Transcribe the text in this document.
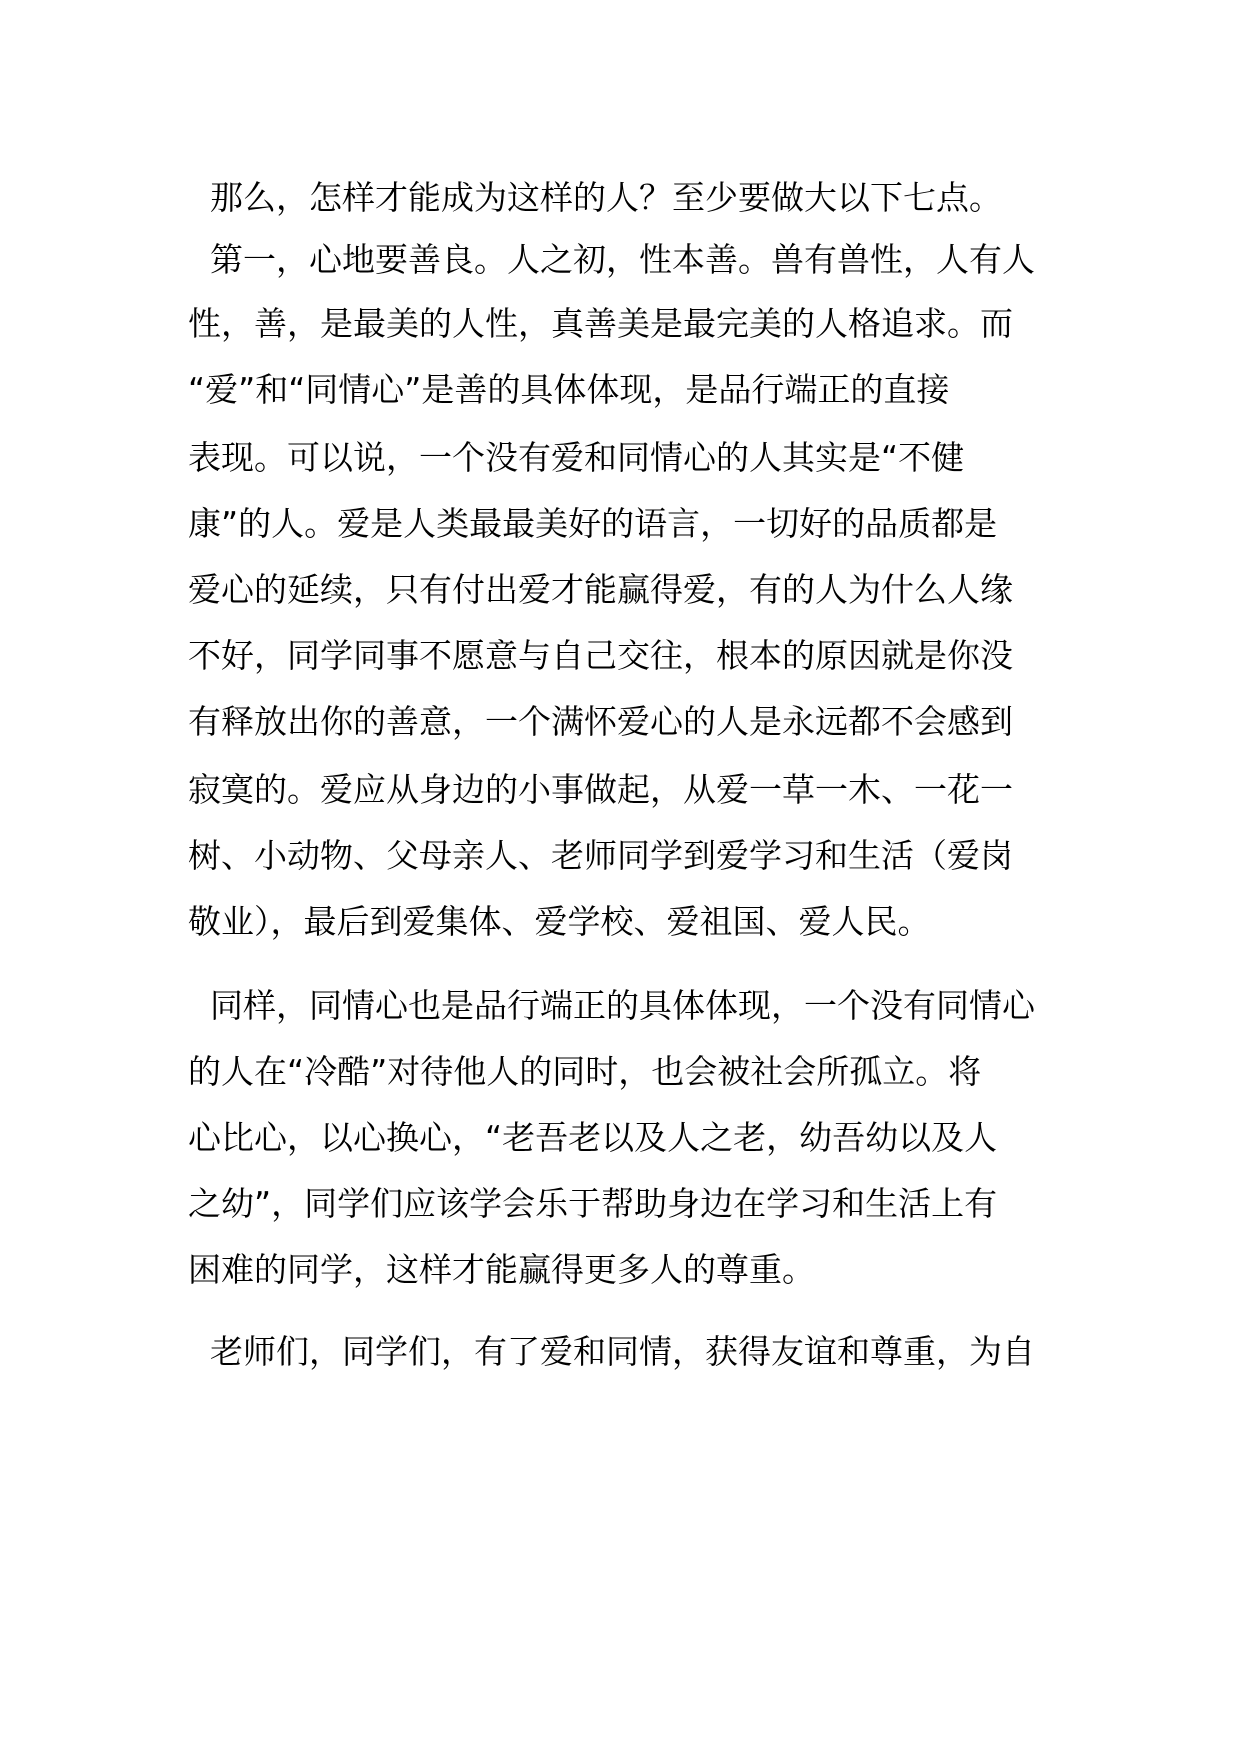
那么，怎样才能成为这样的人？至少要做大以下七点。
第一，心地要善良。人之初，性本善。兽有兽性，人有人
性，善，是最美的人性，真善美是最完美的人格追求。而
“爱”和“同情心”是善的具体体现，是品行端正的直接
表现。可以说，一个没有爱和同情心的人其实是“不健
康”的人。爱是人类最最美好的语言，一切好的品质都是
爱心的延续，只有付出爱才能赢得爱，有的人为什么人缘
不好，同学同事不愿意与自己交往，根本的原因就是你没
有释放出你的善意，一个满怀爱心的人是永远都不会感到
寂寞的。爱应从身边的小事做起，从爱一草一木、一花一
树、小动物、父母亲人、老师同学到爱学习和生活（爱岗
敬业），最后到爱集体、爱学校、爱祖国、爱人民。
同样，同情心也是品行端正的具体体现，一个没有同情心
的人在“冷酷”对待他人的同时，也会被社会所孤立。将
心比心，以心换心，“老吾老以及人之老，幼吾幼以及人
之幼”，同学们应该学会乐于帮助身边在学习和生活上有
困难的同学，这样才能赢得更多人的尊重。
老师们，同学们，有了爱和同情，获得友谊和尊重，为自
